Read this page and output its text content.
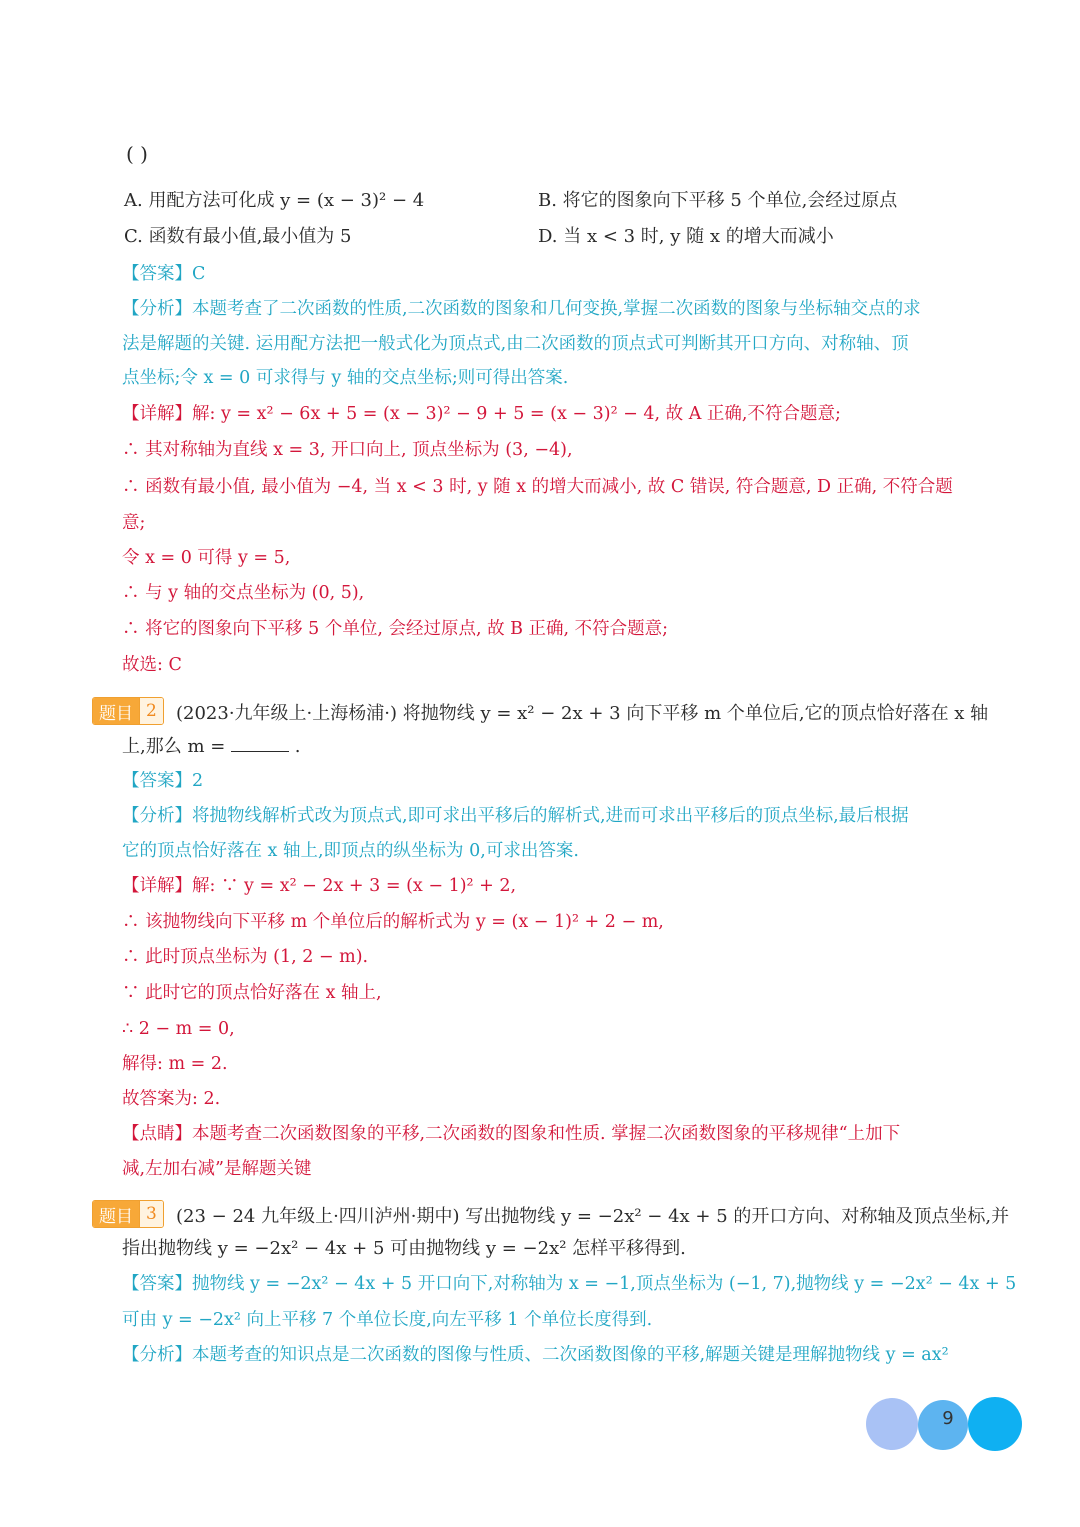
( )
A. 用配方法可化成 y = (x − 3)² − 4	B. 将它的图象向下平移 5 个单位,会经过原点
C. 函数有最小值,最小值为 5	D. 当 x < 3 时, y 随 x 的增大而减小
【答案】C
【分析】本题考查了二次函数的性质,二次函数的图象和几何变换,掌握二次函数的图象与坐标轴交点的求
法是解题的关键. 运用配方法把一般式化为顶点式,由二次函数的顶点式可判断其开口方向、对称轴、顶
点坐标;令 x = 0 可求得与 y 轴的交点坐标;则可得出答案.
【详解】解: y = x² − 6x + 5 = (x − 3)² − 9 + 5 = (x − 3)² − 4, 故 A 正确,不符合题意;
∴ 其对称轴为直线 x = 3, 开口向上, 顶点坐标为 (3, −4),
∴ 函数有最小值, 最小值为 −4, 当 x < 3 时, y 随 x 的增大而减小, 故 C 错误, 符合题意, D 正确, 不符合题
意;
令 x = 0 可得 y = 5,
∴ 与 y 轴的交点坐标为 (0, 5),
∴ 将它的图象向下平移 5 个单位, 会经过原点, 故 B 正确, 不符合题意;
故选: C
题目 2	(2023·九年级上·上海杨浦·) 将抛物线 y = x² − 2x + 3 向下平移 m 个单位后,它的顶点恰好落在 x 轴
上,那么 m =	.
【答案】2
【分析】将抛物线解析式改为顶点式,即可求出平移后的解析式,进而可求出平移后的顶点坐标,最后根据
它的顶点恰好落在 x 轴上,即顶点的纵坐标为 0,可求出答案.
【详解】解: ∵ y = x² − 2x + 3 = (x − 1)² + 2,
∴ 该抛物线向下平移 m 个单位后的解析式为 y = (x − 1)² + 2 − m,
∴ 此时顶点坐标为 (1, 2 − m).
∵ 此时它的顶点恰好落在 x 轴上,
∴ 2 − m = 0,
解得: m = 2.
故答案为: 2.
【点睛】本题考查二次函数图象的平移,二次函数的图象和性质. 掌握二次函数图象的平移规律“上加下
减,左加右减”是解题关键
题目 3	(23 − 24 九年级上·四川泸州·期中) 写出抛物线 y = −2x² − 4x + 5 的开口方向、对称轴及顶点坐标,并
指出抛物线 y = −2x² − 4x + 5 可由抛物线 y = −2x² 怎样平移得到.
【答案】抛物线 y = −2x² − 4x + 5 开口向下,对称轴为 x = −1,顶点坐标为 (−1, 7),抛物线 y = −2x² − 4x + 5
可由 y = −2x² 向上平移 7 个单位长度,向左平移 1 个单位长度得到.
【分析】本题考查的知识点是二次函数的图像与性质、二次函数图像的平移,解题关键是理解抛物线 y = ax²
9
